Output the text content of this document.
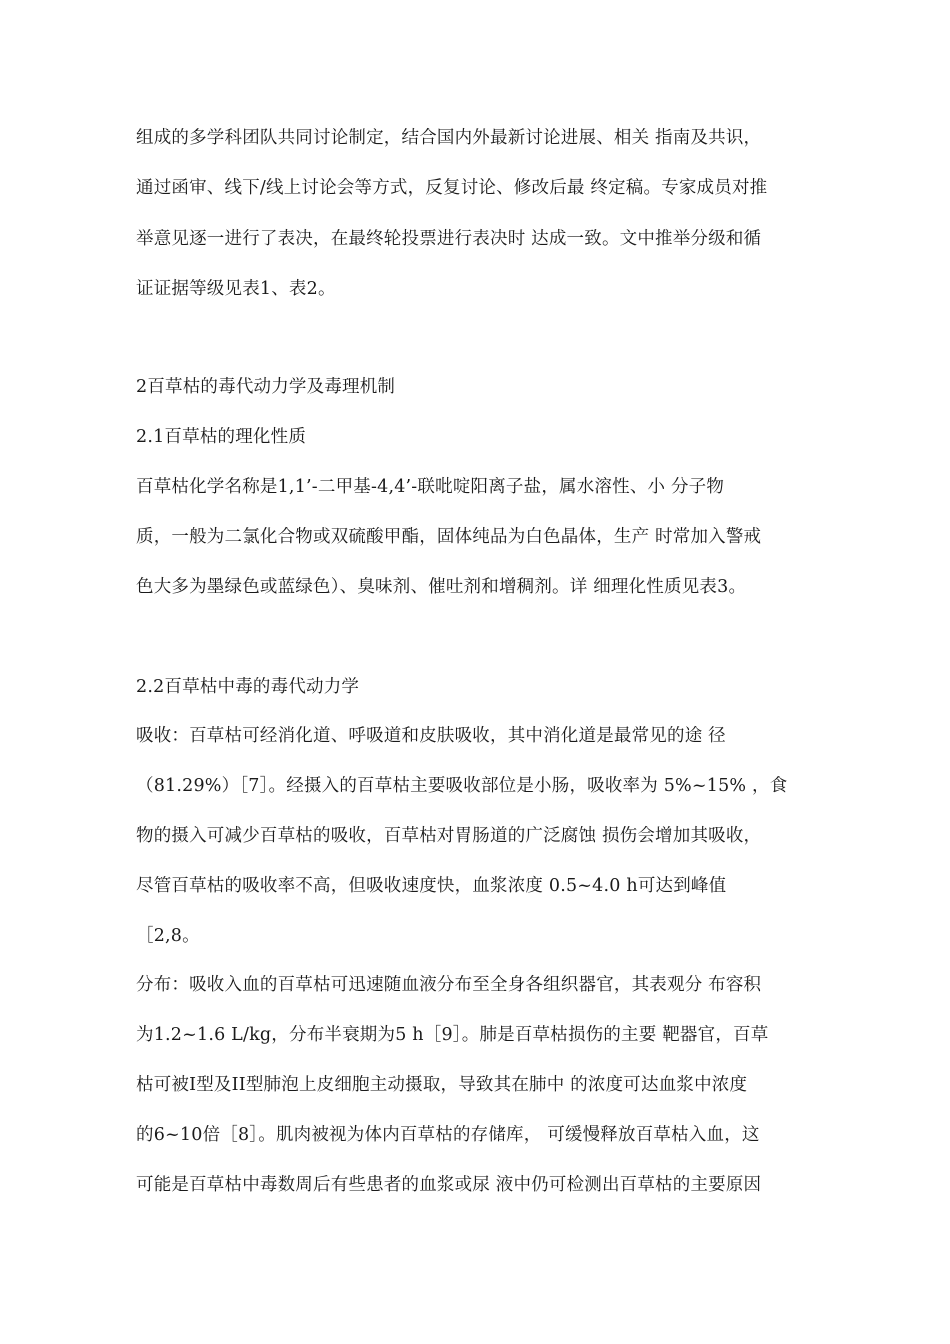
组成的多学科团队共同讨论制定，结合国内外最新讨论进展、相关 指南及共识，
通过函审、线下/线上讨论会等方式，反复讨论、修改后最 终定稿。专家成员对推
举意见逐一进行了表决，在最终轮投票进行表决时 达成一致。文中推举分级和循
证证据等级见表1、表2。
2百草枯的毒代动力学及毒理机制
2.1百草枯的理化性质
百草枯化学名称是1,1’-二甲基-4,4’-联吡啶阳离子盐，属水溶性、小 分子物
质，一般为二氯化合物或双硫酸甲酯，固体纯品为白色晶体，生产 时常加入警戒
色大多为墨绿色或蓝绿色）、臭味剂、催吐剂和增稠剂。详 细理化性质见表3。
2.2百草枯中毒的毒代动力学
吸收：百草枯可经消化道、呼吸道和皮肤吸收，其中消化道是最常见的途 径
（81.29%）［7］。经摄入的百草枯主要吸收部位是小肠，吸收率为 5%~15% ，食
物的摄入可减少百草枯的吸收，百草枯对胃肠道的广泛腐蚀 损伤会增加其吸收，
尽管百草枯的吸收率不高，但吸收速度快，血浆浓度 0.5~4.0 h可达到峰值
［2,8。
分布：吸收入血的百草枯可迅速随血液分布至全身各组织器官，其表观分 布容积
为1.2~1.6 L/kg，分布半衰期为5 h［9］。肺是百草枯损伤的主要 靶器官，百草
枯可被I型及II型肺泡上皮细胞主动摄取，导致其在肺中 的浓度可达血浆中浓度
的6~10倍［8］。肌肉被视为体内百草枯的存储库， 可缓慢释放百草枯入血，这
可能是百草枯中毒数周后有些患者的血浆或尿 液中仍可检测出百草枯的主要原因
